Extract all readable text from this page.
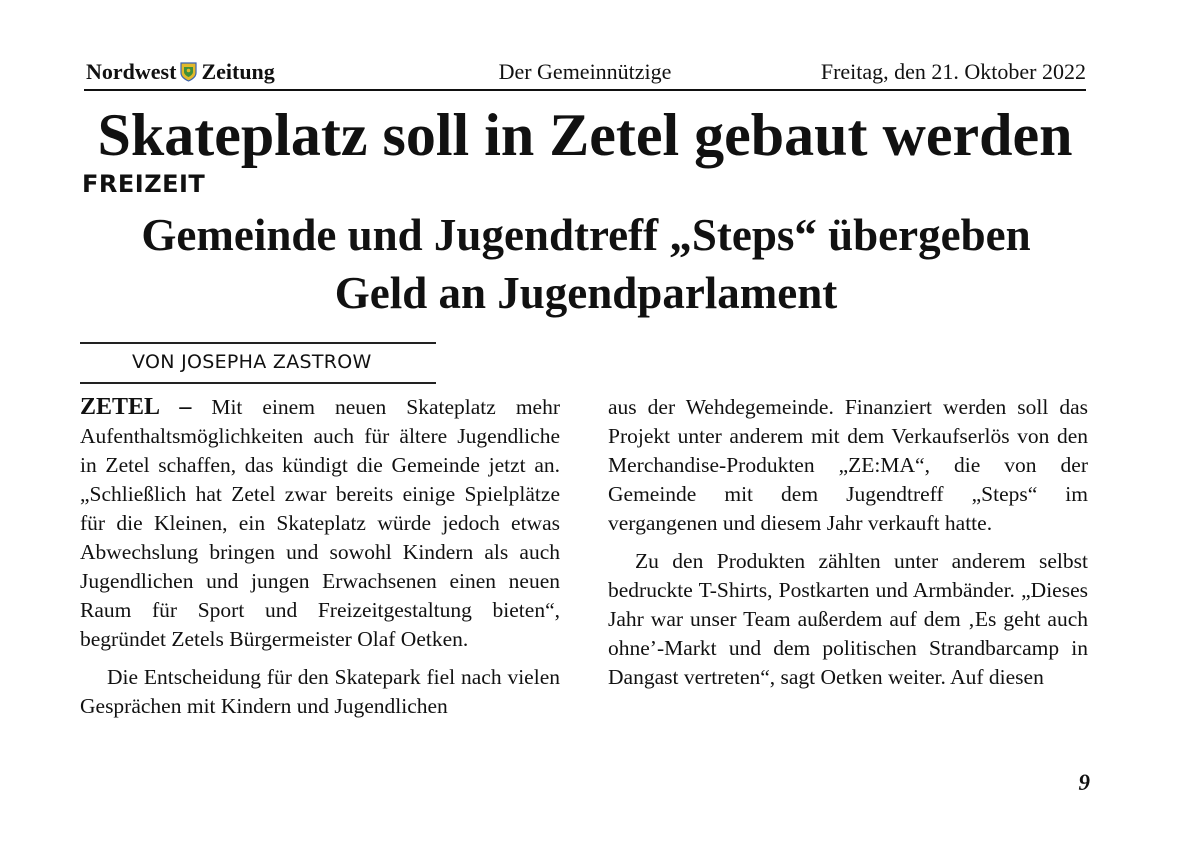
Nordwest Zeitung	Der Gemeinnützige	Freitag, den 21. Oktober 2022
Skateplatz soll in Zetel gebaut werden
FREIZEIT
Gemeinde und Jugendtreff „Steps“ übergeben
Geld an Jugendparlament
VON JOSEPHA ZASTROW

ZETEL – Mit einem neuen Skateplatz mehr Aufenthaltsmöglichkeiten auch für ältere Jugendliche in Zetel schaffen, das kündigt die Gemeinde jetzt an. „Schließlich hat Zetel zwar bereits einige Spielplätze für die Kleinen, ein Skateplatz würde jedoch etwas Abwechslung bringen und sowohl Kindern als auch Jugendlichen und jungen Erwachsenen einen neuen Raum für Sport und Freizeitgestaltung bieten“, begründet Zetels Bürgermeister Olaf Oetken.

Die Entscheidung für den Skatepark fiel nach vielen Gesprächen mit Kindern und Jugendlichen

aus der Wehdegemeinde. Finanziert werden soll das Projekt unter anderem mit dem Verkaufserlös von den Merchandise-Produkten „ZE:MA“, die von der Gemeinde mit dem Jugendtreff „Steps“ im vergangenen und diesem Jahr verkauft hatte.

Zu den Produkten zählten unter anderem selbst bedruckte T-Shirts, Postkarten und Armbänder. „Dieses Jahr war unser Team außerdem auf dem ‚Es geht auch ohne’-Markt und dem politischen Strandbarcamp in Dangast vertreten“, sagt Oetken weiter. Auf diesen

9
